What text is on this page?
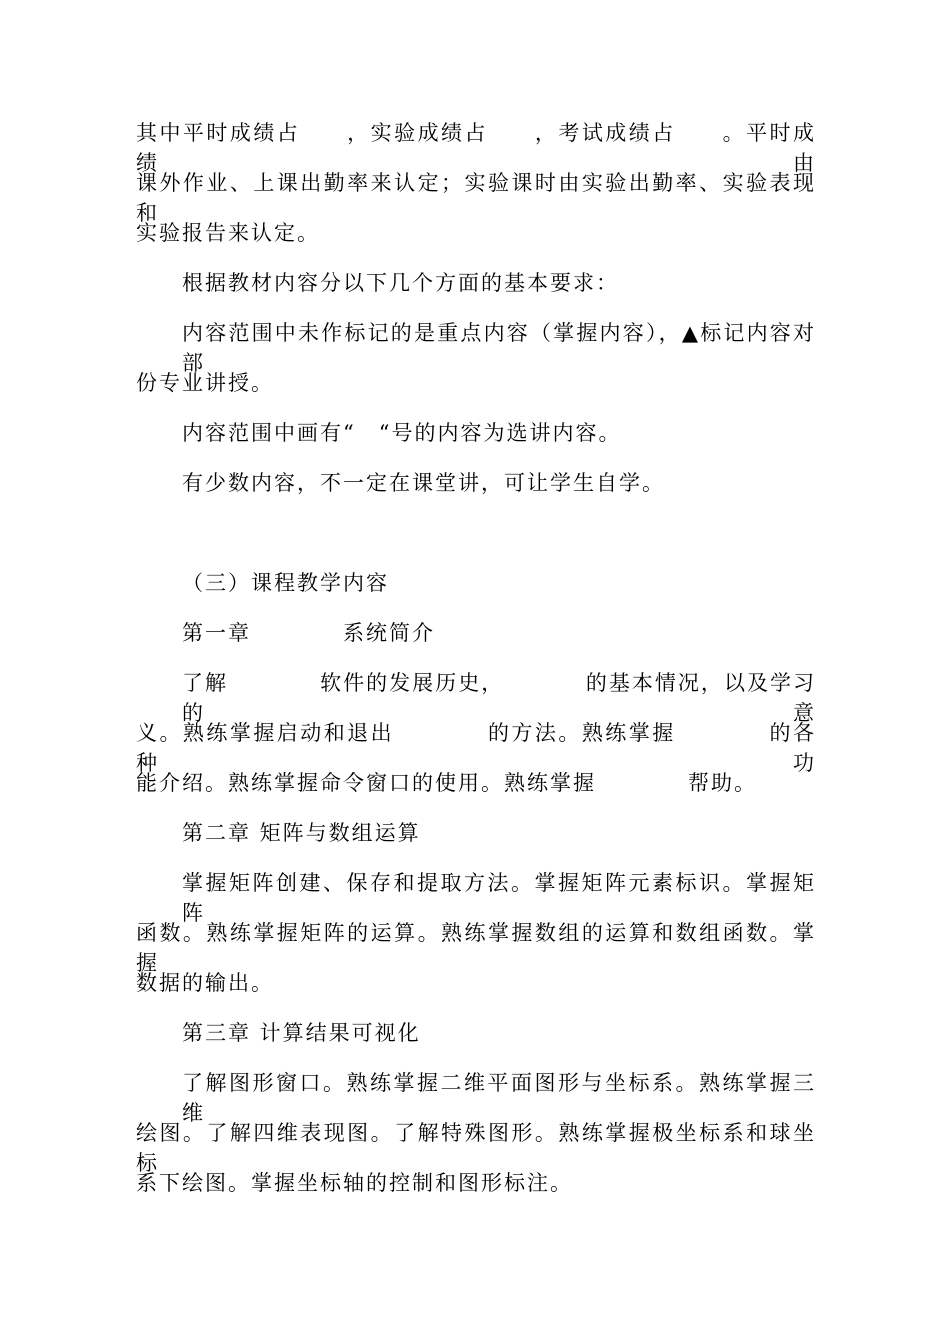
其中平时成绩占　　，实验成绩占　　，考试成绩占　　。平时成绩由
课外作业、上课出勤率来认定；实验课时由实验出勤率、实验表现和
实验报告来认定。
根据教材内容分以下几个方面的基本要求：
内容范围中未作标记的是重点内容（掌握内容），▲标记内容对部
份专业讲授。
内容范围中画有“　“号的内容为选讲内容。
有少数内容，不一定在课堂讲，可让学生自学。
（三）课程教学内容
第一章　　　　系统简介
了解　　　　软件的发展历史，　　　　的基本情况，以及学习的意
义。熟练掌握启动和退出　　　　的方法。熟练掌握　　　　的各种功
能介绍。熟练掌握命令窗口的使用。熟练掌握　　　　帮助。
第二章 矩阵与数组运算
掌握矩阵创建、保存和提取方法。掌握矩阵元素标识。掌握矩阵
函数。熟练掌握矩阵的运算。熟练掌握数组的运算和数组函数。掌握
数据的输出。
第三章 计算结果可视化
了解图形窗口。熟练掌握二维平面图形与坐标系。熟练掌握三维
绘图。了解四维表现图。了解特殊图形。熟练掌握极坐标系和球坐标
系下绘图。掌握坐标轴的控制和图形标注。
